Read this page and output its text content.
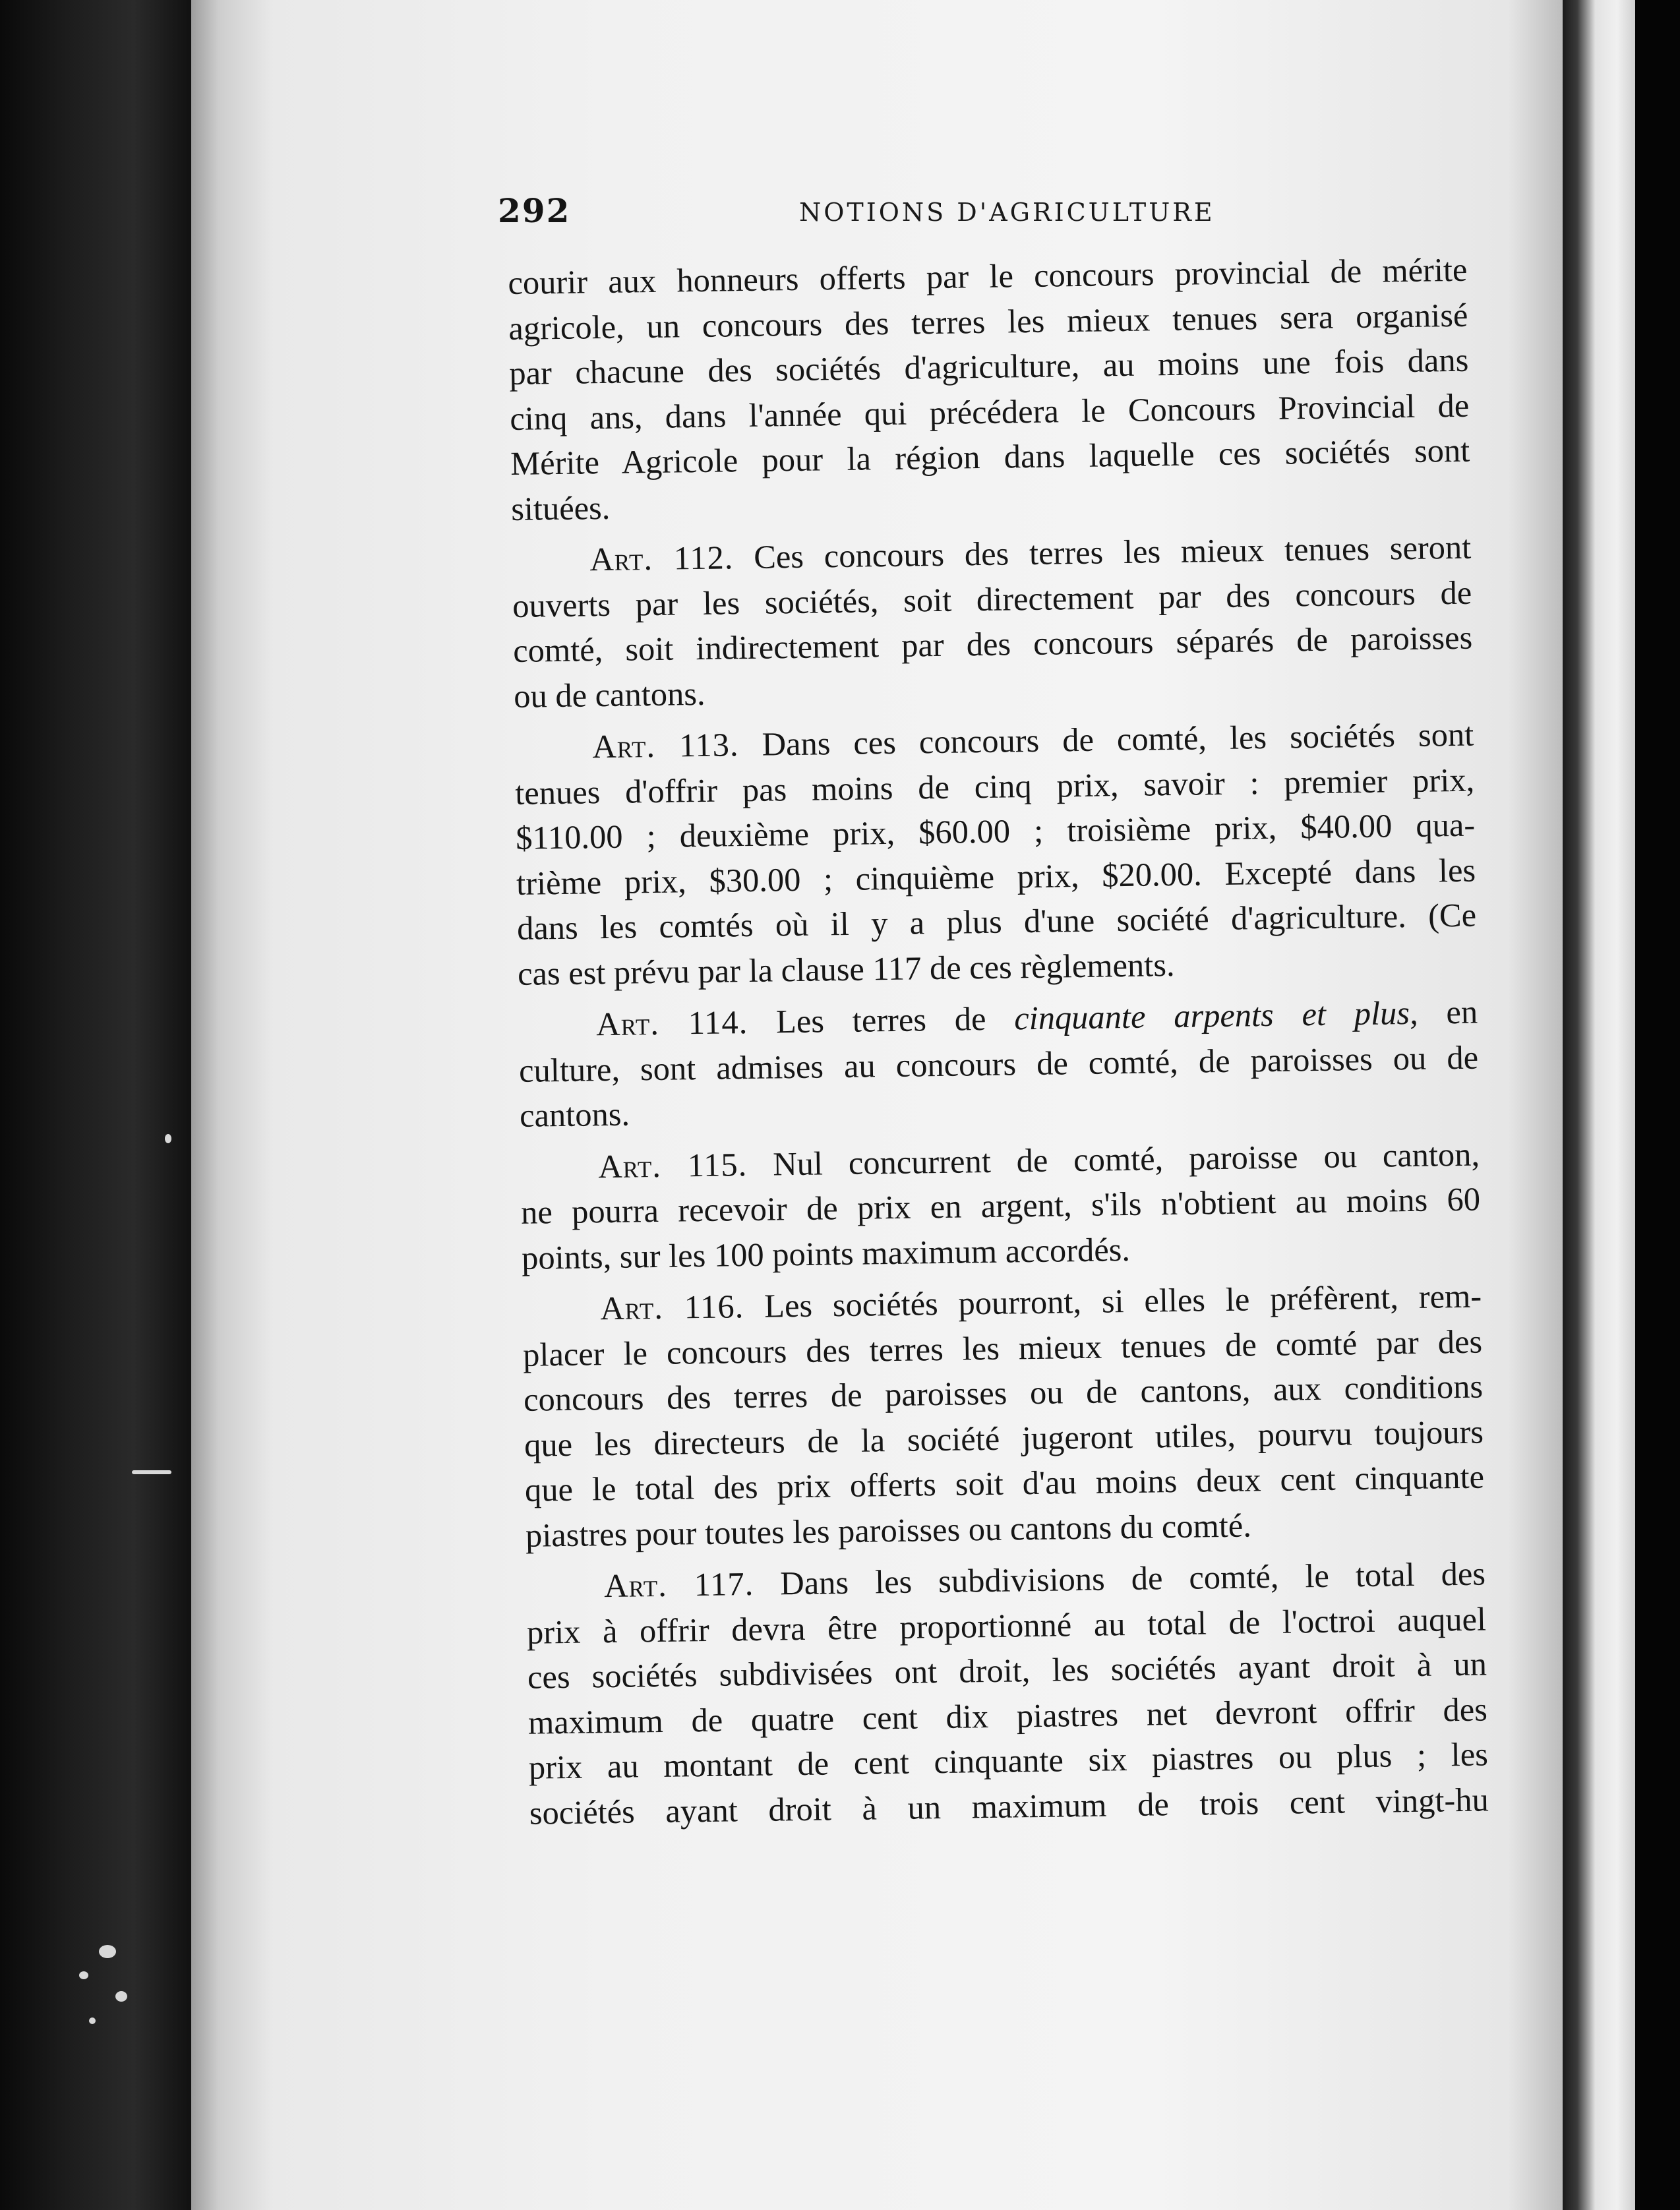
292	NOTIONS D'AGRICULTURE
courir aux honneurs offerts par le concours provincial de mérite
agricole, un concours des terres les mieux tenues sera organisé
par chacune des sociétés d'agriculture, au moins une fois dans
cinq ans, dans l'année qui précédera le Concours Provincial de
Mérite Agricole pour la région dans laquelle ces sociétés sont
situées.
Art. 112. Ces concours des terres les mieux tenues seront
ouverts par les sociétés, soit directement par des concours de
comté, soit indirectement par des concours séparés de paroisses
ou de cantons.
Art. 113. Dans ces concours de comté, les sociétés sont
tenues d'offrir pas moins de cinq prix, savoir : premier prix,
$110.00 ; deuxième prix, $60.00 ; troisième prix, $40.00 qua-
trième prix, $30.00 ; cinquième prix, $20.00. Excepté dans les
dans les comtés où il y a plus d'une société d'agriculture. (Ce
cas est prévu par la clause 117 de ces règlements.
Art. 114. Les terres de cinquante arpents et plus, en
culture, sont admises au concours de comté, de paroisses ou de
cantons.
Art. 115. Nul concurrent de comté, paroisse ou canton,
ne pourra recevoir de prix en argent, s'ils n'obtient au moins 60
points, sur les 100 points maximum accordés.
Art. 116. Les sociétés pourront, si elles le préfèrent, rem-
placer le concours des terres les mieux tenues de comté par des
concours des terres de paroisses ou de cantons, aux conditions
que les directeurs de la société jugeront utiles, pourvu toujours
que le total des prix offerts soit d'au moins deux cent cinquante
piastres pour toutes les paroisses ou cantons du comté.
Art. 117. Dans les subdivisions de comté, le total des
prix à offrir devra être proportionné au total de l'octroi auquel
ces sociétés subdivisées ont droit, les sociétés ayant droit à un
maximum de quatre cent dix piastres net devront offrir des
prix au montant de cent cinquante six piastres ou plus ; les
sociétés ayant droit à un maximum de trois cent vingt-hu
